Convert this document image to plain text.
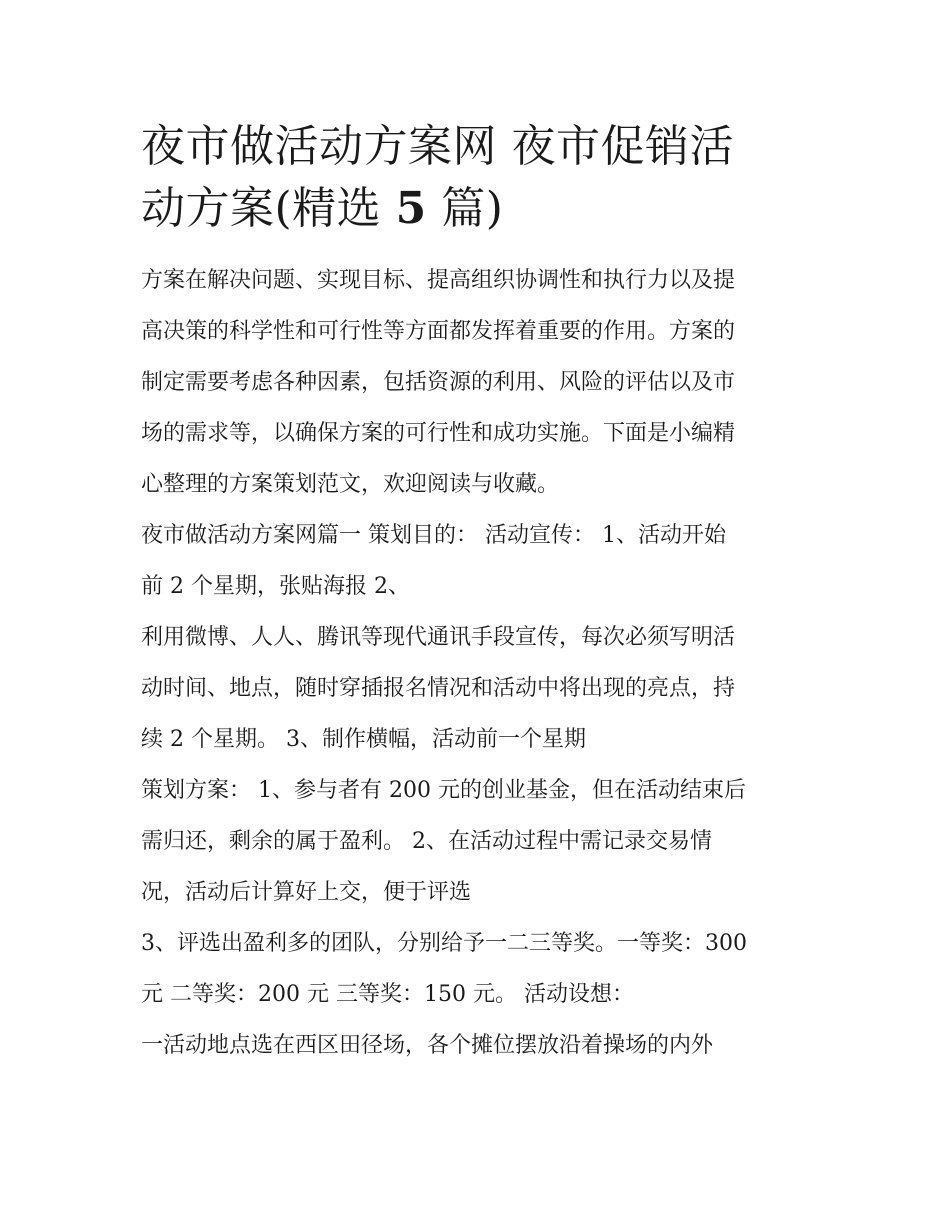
夜市做活动方案网 夜市促销活
动方案(精选 5 篇)
方案在解决问题、实现目标、提高组织协调性和执行力以及提
高决策的科学性和可行性等方面都发挥着重要的作用。方案的
制定需要考虑各种因素，包括资源的利用、风险的评估以及市
场的需求等，以确保方案的可行性和成功实施。下面是小编精
心整理的方案策划范文，欢迎阅读与收藏。
夜市做活动方案网篇一 策划目的： 活动宣传： 1、活动开始
前 2 个星期，张贴海报 2、
利用微博、人人、腾讯等现代通讯手段宣传，每次必须写明活
动时间、地点，随时穿插报名情况和活动中将出现的亮点，持
续 2 个星期。 3、制作横幅，活动前一个星期
策划方案： 1、参与者有 200 元的创业基金，但在活动结束后
需归还，剩余的属于盈利。 2、在活动过程中需记录交易情
况，活动后计算好上交，便于评选
3、评选出盈利多的团队，分别给予一二三等奖。一等奖：300
元 二等奖：200 元 三等奖：150 元。 活动设想：
一活动地点选在西区田径场，各个摊位摆放沿着操场的内外
